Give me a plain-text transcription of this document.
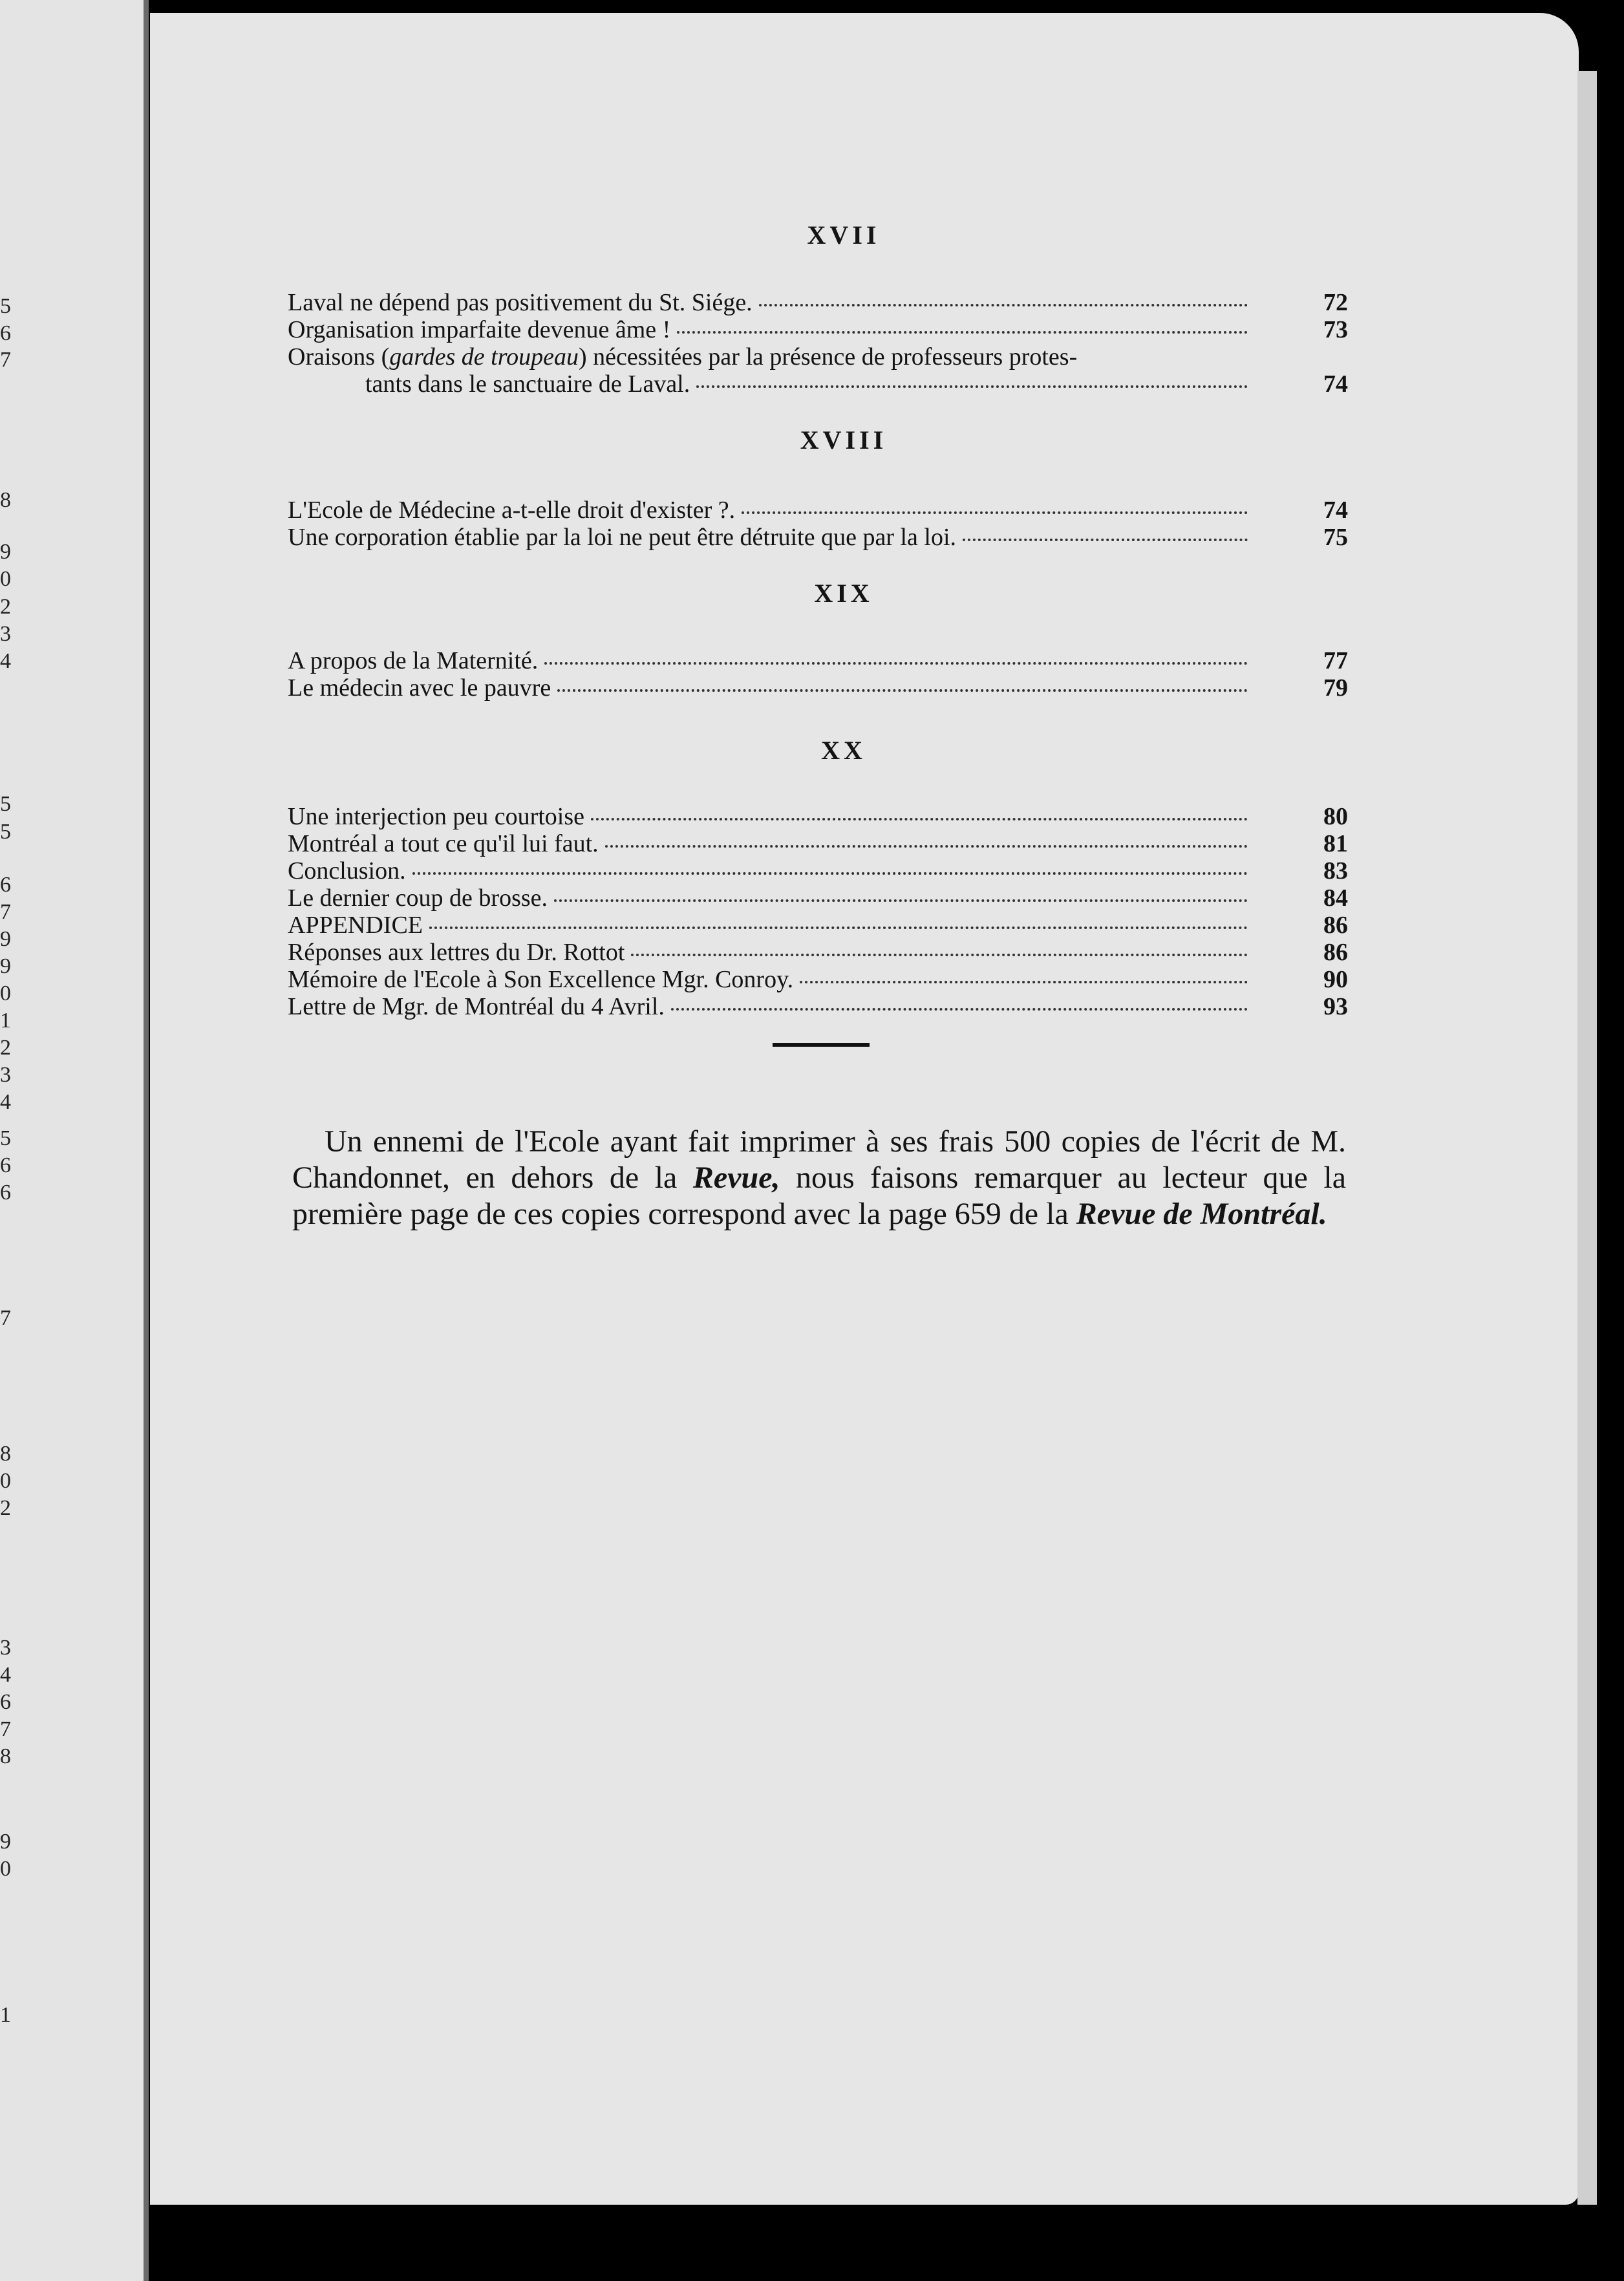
5
6
7
8
9
0
2
3
4
5
5
6
7
9
9
0
1
2
3
4
5
6
6
7
8
0
2
3
4
6
7
8
9
0
1
XVII
Laval ne dépend pas positivement du St. Siége.	72
Organisation imparfaite devenue âme !	73
Oraisons (gardes de troupeau) nécessitées par la présence de professeurs protes-
tants dans le sanctuaire de Laval.	74
XVIII
L'Ecole de Médecine a-t-elle droit d'exister ?.	74
Une corporation établie par la loi ne peut être détruite que par la loi.	75
XIX
A propos de la Maternité.	77
Le médecin avec le pauvre	79
XX
Une interjection peu courtoise	80
Montréal a tout ce qu'il lui faut.	81
Conclusion.	83
Le dernier coup de brosse.	84
APPENDICE	86
Réponses aux lettres du Dr. Rottot	86
Mémoire de l'Ecole à Son Excellence Mgr. Conroy.	90
Lettre de Mgr. de Montréal du 4 Avril.	93

Un ennemi de l'Ecole ayant fait imprimer à ses frais 500 copies de l'écrit de M. Chandonnet, en dehors de la Revue, nous faisons remarquer au lecteur que la première page de ces copies correspond avec la page 659 de la Revue de Montréal.
